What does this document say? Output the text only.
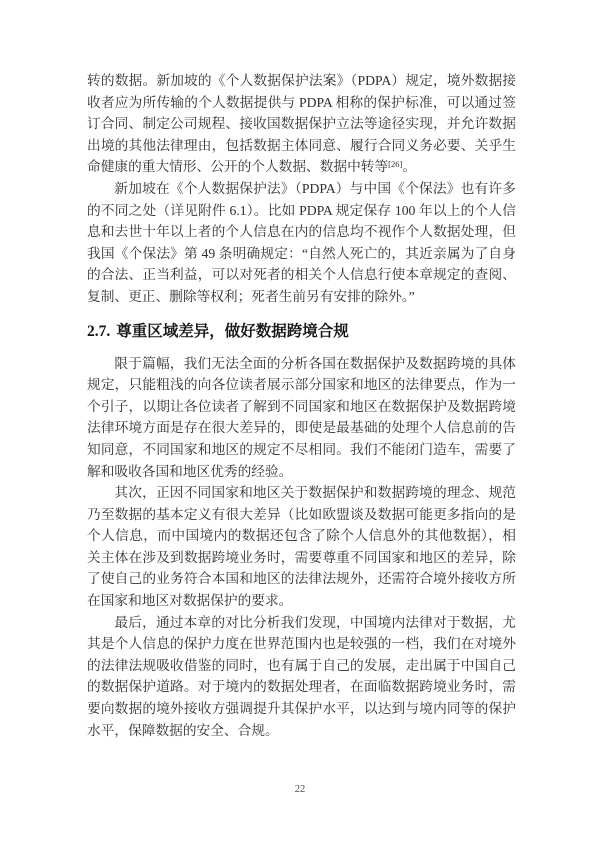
转的数据。新加坡的《个人数据保护法案》（PDPA）规定，境外数据接收者应为所传输的个人数据提供与 PDPA 相称的保护标准，可以通过签订合同、制定公司规程、接收国数据保护立法等途径实现，并允许数据出境的其他法律理由，包括数据主体同意、履行合同义务必要、关乎生命健康的重大情形、公开的个人数据、数据中转等[26]。

新加坡在《个人数据保护法》（PDPA）与中国《个保法》也有许多的不同之处（详见附件 6.1）。比如 PDPA 规定保存 100 年以上的个人信息和去世十年以上者的个人信息在内的信息均不视作个人数据处理，但我国《个保法》第 49 条明确规定：“自然人死亡的，其近亲属为了自身的合法、正当利益，可以对死者的相关个人信息行使本章规定的查阅、复制、更正、删除等权利；死者生前另有安排的除外。”

2.7. 尊重区域差异，做好数据跨境合规

限于篇幅，我们无法全面的分析各国在数据保护及数据跨境的具体规定，只能粗浅的向各位读者展示部分国家和地区的法律要点，作为一个引子，以期让各位读者了解到不同国家和地区在数据保护及数据跨境法律环境方面是存在很大差异的，即使是最基础的处理个人信息前的告知同意，不同国家和地区的规定不尽相同。我们不能闭门造车，需要了解和吸收各国和地区优秀的经验。

其次，正因不同国家和地区关于数据保护和数据跨境的理念、规范乃至数据的基本定义有很大差异（比如欧盟谈及数据可能更多指向的是个人信息，而中国境内的数据还包含了除个人信息外的其他数据），相关主体在涉及到数据跨境业务时，需要尊重不同国家和地区的差异，除了使自己的业务符合本国和地区的法律法规外，还需符合境外接收方所在国家和地区对数据保护的要求。

最后，通过本章的对比分析我们发现，中国境内法律对于数据，尤其是个人信息的保护力度在世界范围内也是较强的一档，我们在对境外的法律法规吸收借鉴的同时，也有属于自己的发展，走出属于中国自己的数据保护道路。对于境内的数据处理者，在面临数据跨境业务时，需要向数据的境外接收方强调提升其保护水平，以达到与境内同等的保护水平，保障数据的安全、合规。

22
